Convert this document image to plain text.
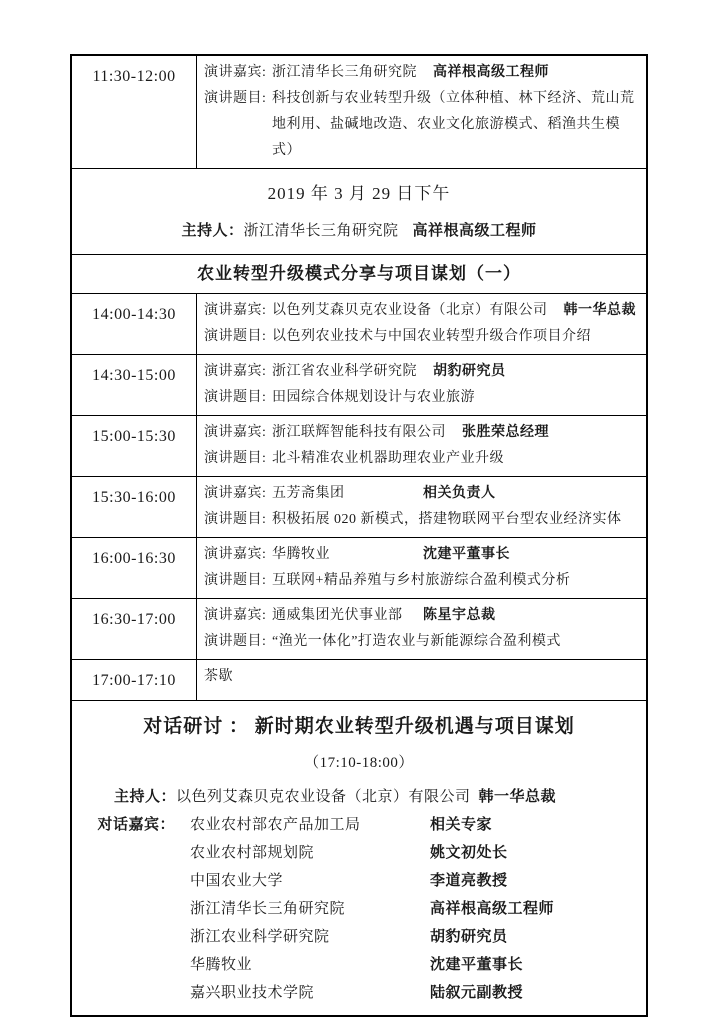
11:30-12:00	演讲嘉宾: 浙江清华长三角研究院 高祥根高级工程师
演讲题目: 科技创新与农业转型升级（立体种植、林下经济、荒山荒地利用、盐碱地改造、农业文化旅游模式、稻渔共生模式）
2019 年 3 月 29 日下午
主持人：浙江清华长三角研究院 高祥根高级工程师
农业转型升级模式分享与项目谋划（一）
14:00-14:30	演讲嘉宾: 以色列艾森贝克农业设备（北京）有限公司 韩一华总裁
演讲题目: 以色列农业技术与中国农业转型升级合作项目介绍
14:30-15:00	演讲嘉宾: 浙江省农业科学研究院 胡豹研究员
演讲题目: 田园综合体规划设计与农业旅游
15:00-15:30	演讲嘉宾: 浙江联辉智能科技有限公司 张胜荣总经理
演讲题目: 北斗精准农业机器助理农业产业升级
15:30-16:00	演讲嘉宾: 五芳斋集团	相关负责人
演讲题目: 积极拓展 020 新模式，搭建物联网平台型农业经济实体
16:00-16:30	演讲嘉宾: 华腾牧业	沈建平董事长
演讲题目: 互联网+精品养殖与乡村旅游综合盈利模式分析
16:30-17:00	演讲嘉宾: 通威集团光伏事业部	陈星宇总裁
演讲题目: “渔光一体化”打造农业与新能源综合盈利模式
17:00-17:10	茶歇
对话研讨 ： 新时期农业转型升级机遇与项目谋划
（17:10-18:00）
主持人：以色列艾森贝克农业设备（北京）有限公司 韩一华总裁
对话嘉宾： 农业农村部农产品加工局	相关专家
农业农村部规划院	姚文初处长
中国农业大学	李道亮教授
浙江清华长三角研究院	高祥根高级工程师
浙江农业科学研究院	胡豹研究员
华腾牧业	沈建平董事长
嘉兴职业技术学院	陆叙元副教授
